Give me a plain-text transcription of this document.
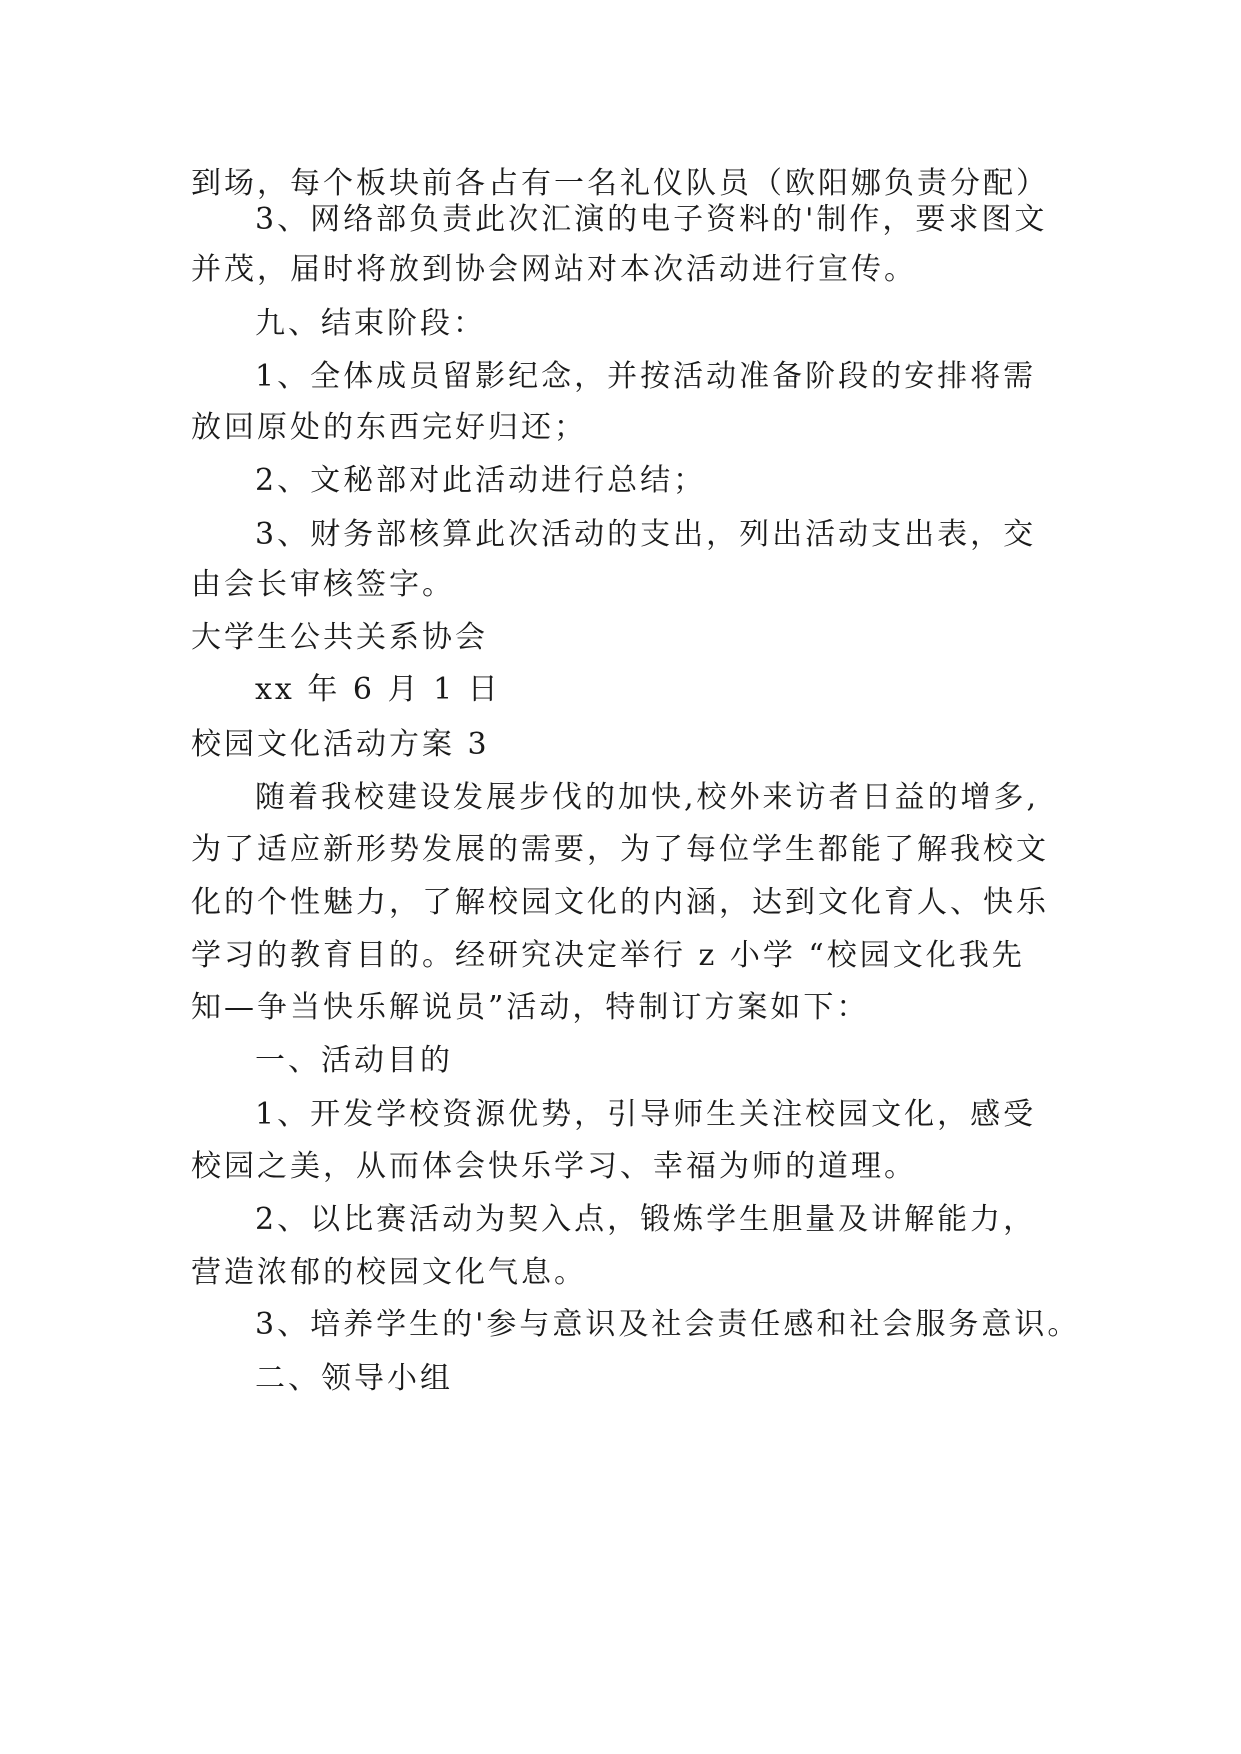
到场，每个板块前各占有一名礼仪队员（欧阳娜负责分配）
3、网络部负责此次汇演的电子资料的'制作，要求图文
并茂，届时将放到协会网站对本次活动进行宣传。
九、结束阶段：
1、全体成员留影纪念，并按活动准备阶段的安排将需
放回原处的东西完好归还；
2、文秘部对此活动进行总结；
3、财务部核算此次活动的支出，列出活动支出表，交
由会长审核签字。
大学生公共关系协会
xx 年 6 月 1 日
校园文化活动方案 3
随着我校建设发展步伐的加快,校外来访者日益的增多,
为了适应新形势发展的需要，为了每位学生都能了解我校文
化的个性魅力，了解校园文化的内涵，达到文化育人、快乐
学习的教育目的。经研究决定举行 z 小学 “校园文化我先
知—争当快乐解说员”活动，特制订方案如下：
一、活动目的
1、开发学校资源优势，引导师生关注校园文化，感受
校园之美，从而体会快乐学习、幸福为师的道理。
2、以比赛活动为契入点，锻炼学生胆量及讲解能力，
营造浓郁的校园文化气息。
3、培养学生的'参与意识及社会责任感和社会服务意识。
二、领导小组
